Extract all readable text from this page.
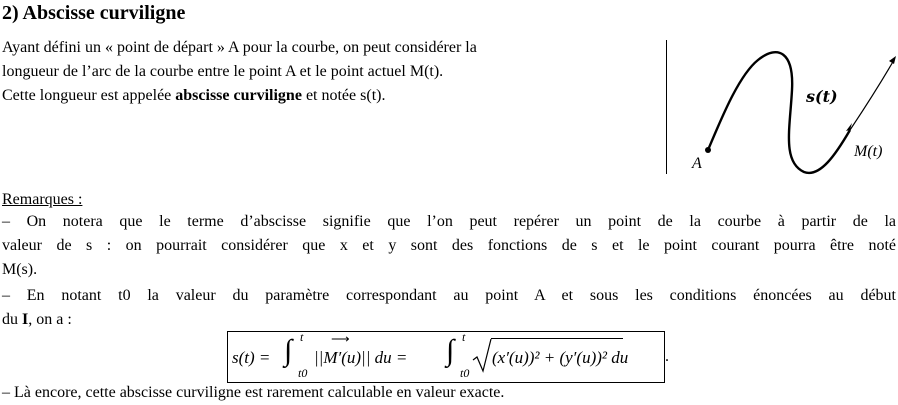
2) Abscisse curviligne
Ayant défini un « point de départ » A pour la courbe, on peut considérer la
longueur de l’arc de la courbe entre le point A et le point actuel M(t).
Cette longueur est appelée abscisse curviligne et notée s(t).	s(t)
A
M(t)
Remarques :
– On notera que le terme d’abscisse signifie que l’on peut repérer un point de la courbe à partir de la
valeur de s : on pourrait considérer que x et y sont des fonctions de s et le point courant pourra être noté
M(s).
– En notant t0 la valeur du paramètre correspondant au point A et sous les conditions énoncées au début
du I, on a :
s(t) = ∫ t
t0
⟶
||M′(u)|| du = ∫ t
t0
(x′(u))² + (y′(u))² du .
– Là encore, cette abscisse curviligne est rarement calculable en valeur exacte.
